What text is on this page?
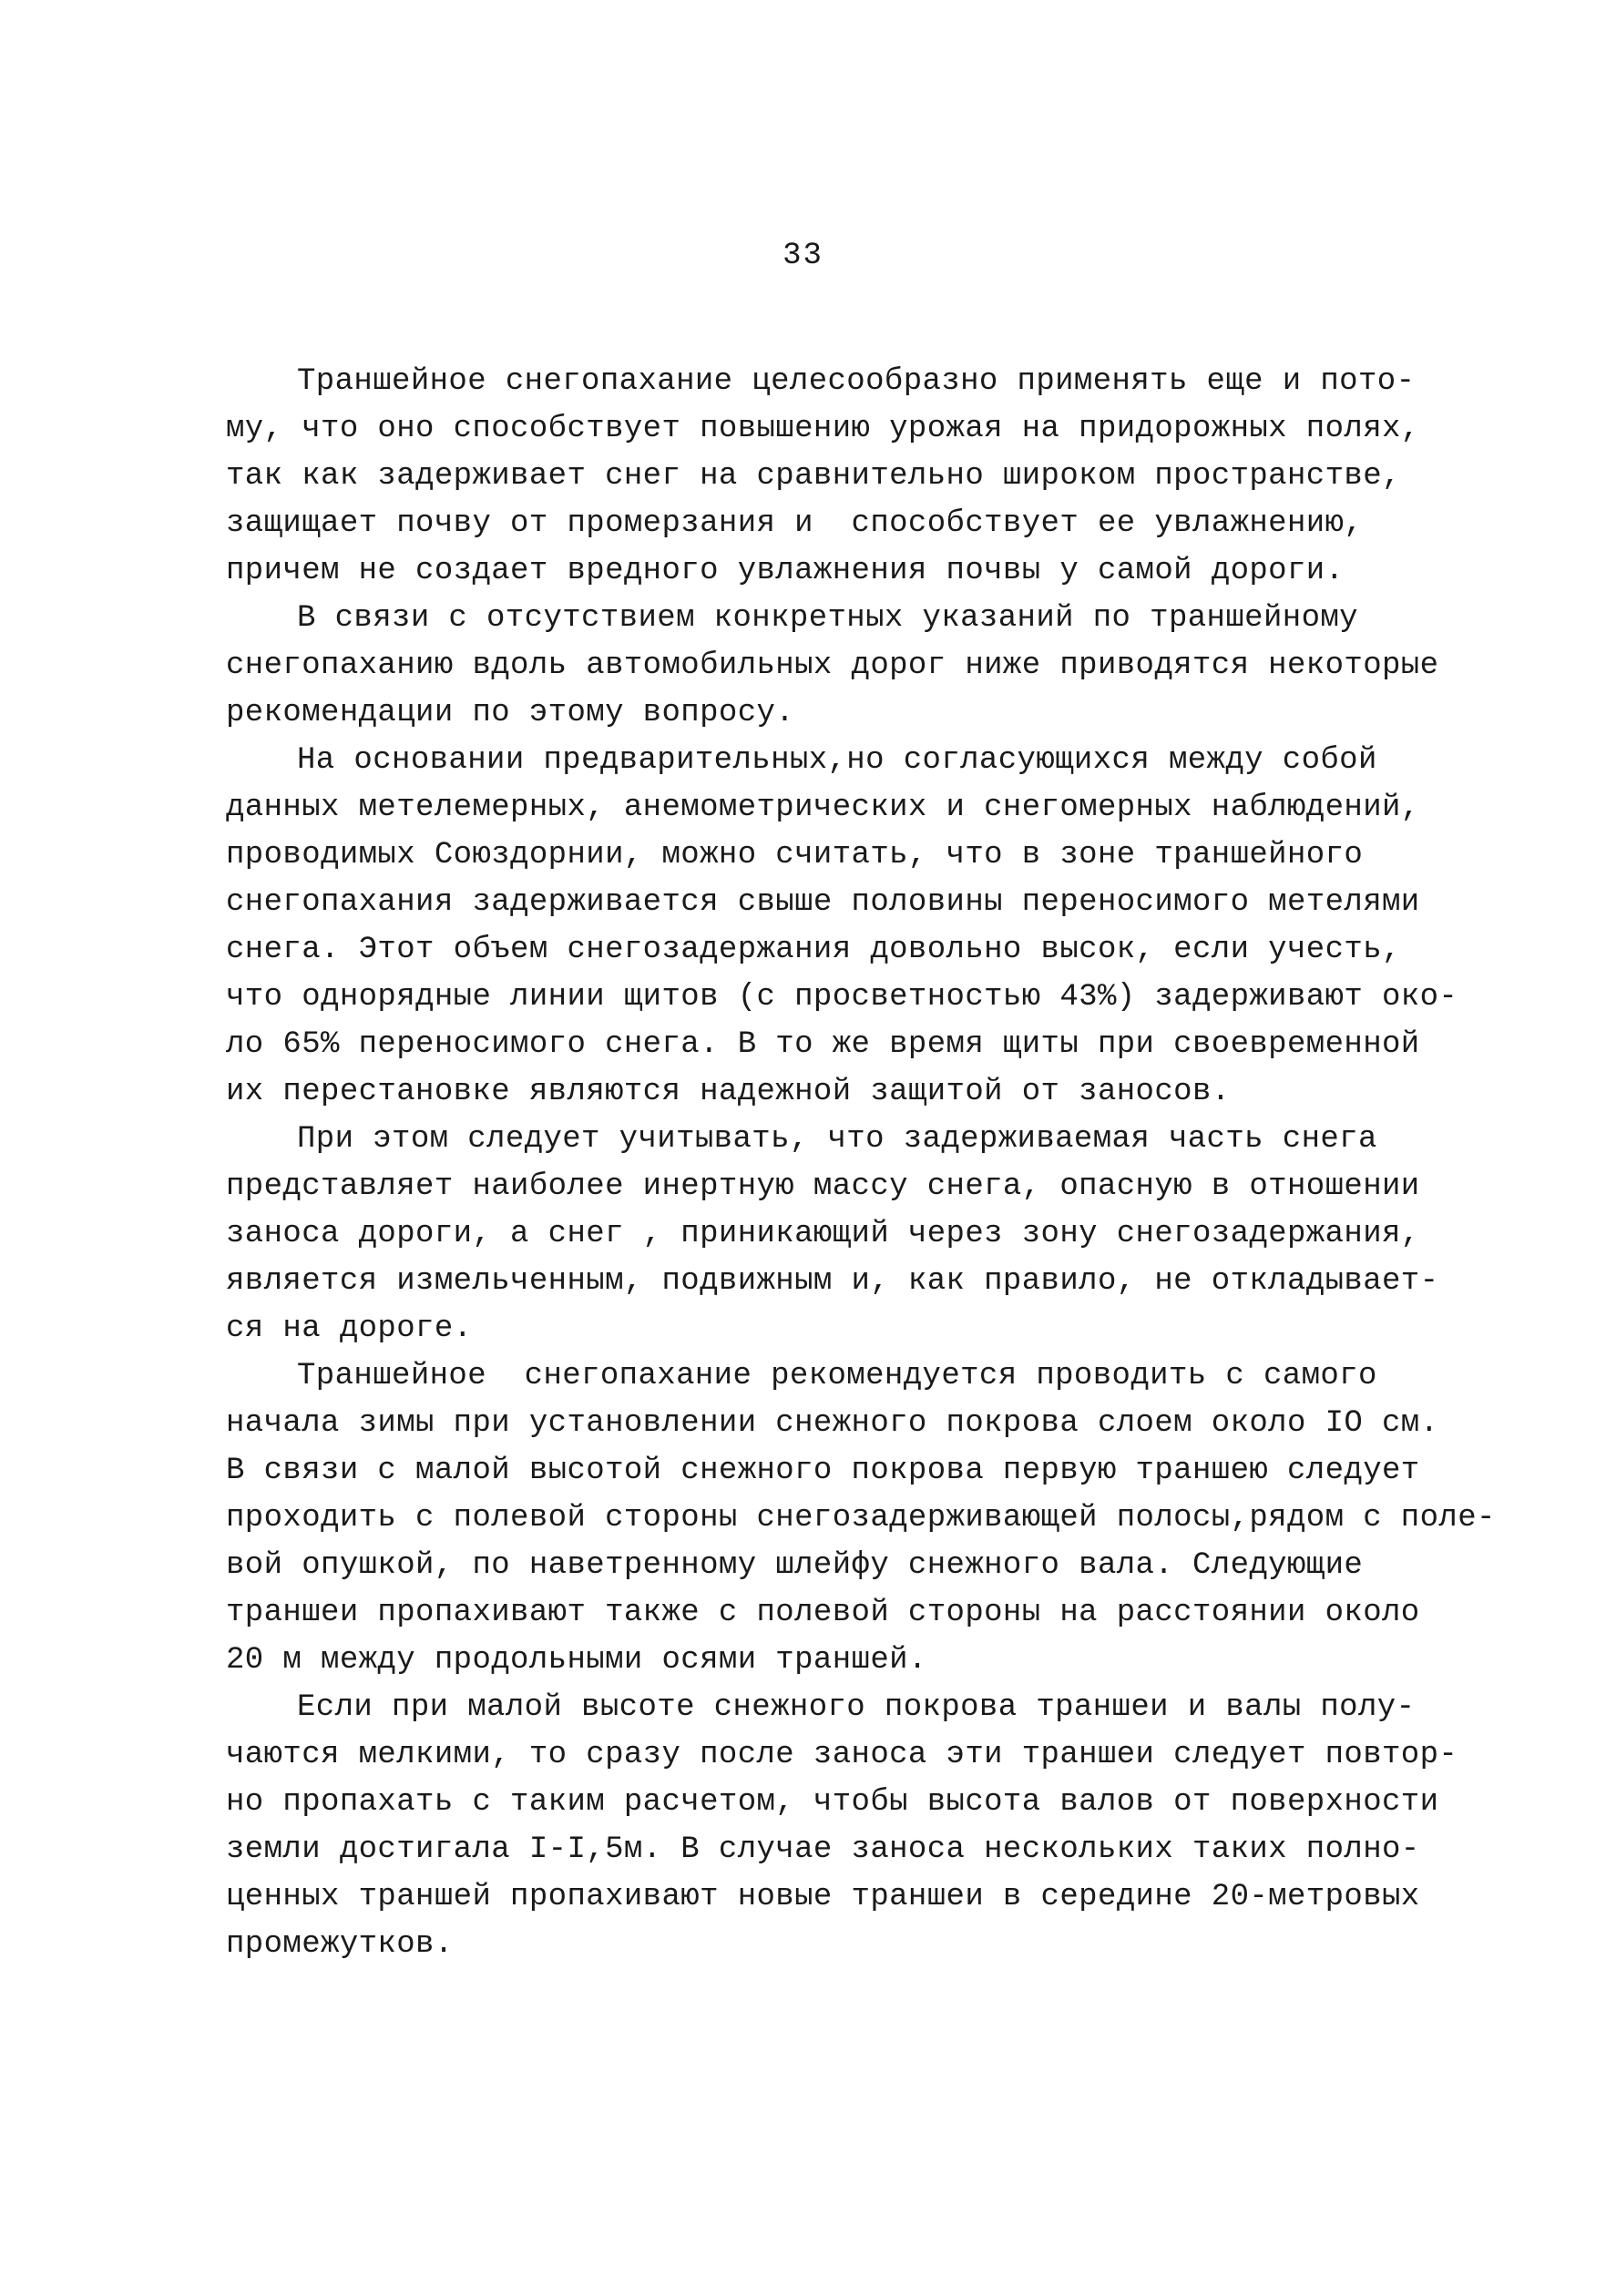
33
Траншейное снегопахание целесообразно применять еще и пото-
му, что оно способствует повышению урожая на придорожных полях,
так как задерживает снег на сравнительно широком пространстве,
защищает почву от промерзания и  способствует ее увлажнению,
причем не создает вредного увлажнения почвы у самой дороги.
В связи с отсутствием конкретных указаний по траншейному
снегопаханию вдоль автомобильных дорог ниже приводятся некоторые
рекомендации по этому вопросу.
На основании предварительных,но согласующихся между собой
данных метелемерных, анемометрических и снегомерных наблюдений,
проводимых Союздорнии, можно считать, что в зоне траншейного
снегопахания задерживается свыше половины переносимого метелями
снега. Этот объем снегозадержания довольно высок, если учесть,
что однорядные линии щитов (с просветностью 43%) задерживают око-
ло 65% переносимого снега. В то же время щиты при своевременной
их перестановке являются надежной защитой от заносов.
При этом следует учитывать, что задерживаемая часть снега
представляет наиболее инертную массу снега, опасную в отношении
заноса дороги, а снег , приникающий через зону снегозадержания,
является измельченным, подвижным и, как правило, не откладывает-
ся на дороге.
Траншейное  снегопахание рекомендуется проводить с самого
начала зимы при установлении снежного покрова слоем около IO см.
В связи с малой высотой снежного покрова первую траншею следует
проходить с полевой стороны снегозадерживающей полосы,рядом с поле-
вой опушкой, по наветренному шлейфу снежного вала. Следующие
траншеи пропахивают также с полевой стороны на расстоянии около
20 м между продольными осями траншей.
Если при малой высоте снежного покрова траншеи и валы полу-
чаются мелкими, то сразу после заноса эти траншеи следует повтор-
но пропахать с таким расчетом, чтобы высота валов от поверхности
земли достигала I-I,5м. В случае заноса нескольких таких полно-
ценных траншей пропахивают новые траншеи в середине 20-метровых
промежутков.
